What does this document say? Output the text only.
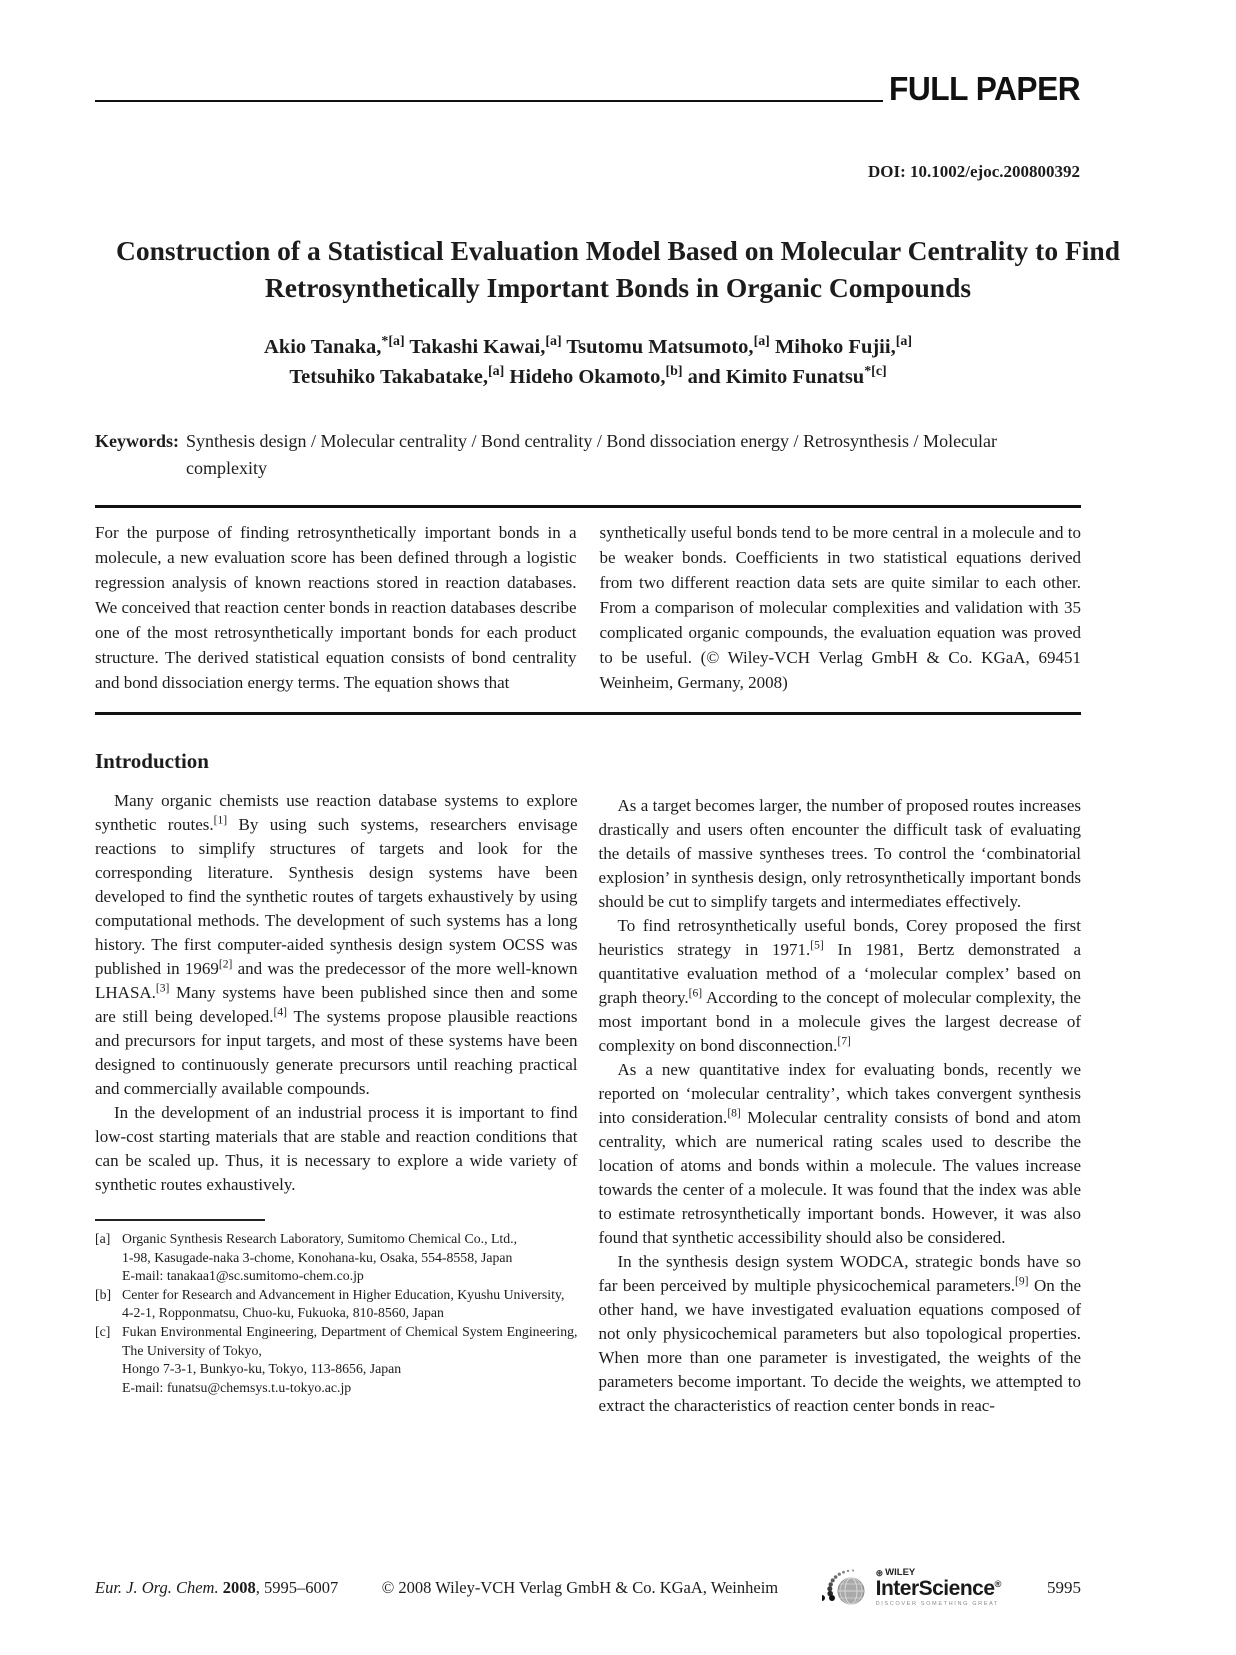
FULL PAPER
DOI: 10.1002/ejoc.200800392
Construction of a Statistical Evaluation Model Based on Molecular Centrality to Find Retrosynthetically Important Bonds in Organic Compounds
Akio Tanaka,$^{*[a]}$ Takashi Kawai,[a] Tsutomu Matsumoto,[a] Mihoko Fujii,[a]
Tetsuhiko Takabatake,[a] Hideho Okamoto,[b] and Kimito Funatsu$^{*[c]}$
Keywords: Synthesis design / Molecular centrality / Bond centrality / Bond dissociation energy / Retrosynthesis / Molecular complexity

For the purpose of finding retrosynthetically important bonds in a molecule, a new evaluation score has been defined through a logistic regression analysis of known reactions stored in reaction databases. We conceived that reaction center bonds in reaction databases describe one of the most retrosynthetically important bonds for each product structure. The derived statistical equation consists of bond centrality and bond dissociation energy terms. The equation shows that

synthetically useful bonds tend to be more central in a molecule and to be weaker bonds. Coefficients in two statistical equations derived from two different reaction data sets are quite similar to each other. From a comparison of molecular complexities and validation with 35 complicated organic compounds, the evaluation equation was proved to be useful. (© Wiley-VCH Verlag GmbH & Co. KGaA, 69451 Weinheim, Germany, 2008)

Introduction

Many organic chemists use reaction database systems to explore synthetic routes.[1] By using such systems, researchers envisage reactions to simplify structures of targets and look for the corresponding literature. Synthesis design systems have been developed to find the synthetic routes of targets exhaustively by using computational methods. The development of such systems has a long history. The first computer-aided synthesis design system OCSS was published in 1969[2] and was the predecessor of the more well-known LHASA.[3] Many systems have been published since then and some are still being developed.[4] The systems propose plausible reactions and precursors for input targets, and most of these systems have been designed to continuously generate precursors until reaching practical and commercially available compounds.

In the development of an industrial process it is important to find low-cost starting materials that are stable and reaction conditions that can be scaled up. Thus, it is necessary to explore a wide variety of synthetic routes exhaustively.

[a] Organic Synthesis Research Laboratory, Sumitomo Chemical Co., Ltd.,
1-98, Kasugade-naka 3-chome, Konohana-ku, Osaka, 554-8558, Japan
E-mail: tanakaa1@sc.sumitomo-chem.co.jp
[b] Center for Research and Advancement in Higher Education, Kyushu University,
4-2-1, Ropponmatsu, Chuo-ku, Fukuoka, 810-8560, Japan
[c] Fukan Environmental Engineering, Department of Chemical System Engineering, The University of Tokyo,
Hongo 7-3-1, Bunkyo-ku, Tokyo, 113-8656, Japan
E-mail: funatsu@chemsys.t.u-tokyo.ac.jp

As a target becomes larger, the number of proposed routes increases drastically and users often encounter the difficult task of evaluating the details of massive syntheses trees. To control the ‘combinatorial explosion’ in synthesis design, only retrosynthetically important bonds should be cut to simplify targets and intermediates effectively.

To find retrosynthetically useful bonds, Corey proposed the first heuristics strategy in 1971.[5] In 1981, Bertz demonstrated a quantitative evaluation method of a ‘molecular complex’ based on graph theory.[6] According to the concept of molecular complexity, the most important bond in a molecule gives the largest decrease of complexity on bond disconnection.[7]

As a new quantitative index for evaluating bonds, recently we reported on ‘molecular centrality’, which takes convergent synthesis into consideration.[8] Molecular centrality consists of bond and atom centrality, which are numerical rating scales used to describe the location of atoms and bonds within a molecule. The values increase towards the center of a molecule. It was found that the index was able to estimate retrosynthetically important bonds. However, it was also found that synthetic accessibility should also be considered.

In the synthesis design system WODCA, strategic bonds have so far been perceived by multiple physicochemical parameters.[9] On the other hand, we have investigated evaluation equations composed of not only physicochemical parameters but also topological properties. When more than one parameter is investigated, the weights of the parameters become important. To decide the weights, we attempted to extract the characteristics of reaction center bonds in reac-

Eur. J. Org. Chem. 2008, 5995–6007	© 2008 Wiley-VCH Verlag GmbH & Co. KGaA, Weinheim
⊛ WILEY
InterScience®
DISCOVER SOMETHING GREAT
5995
